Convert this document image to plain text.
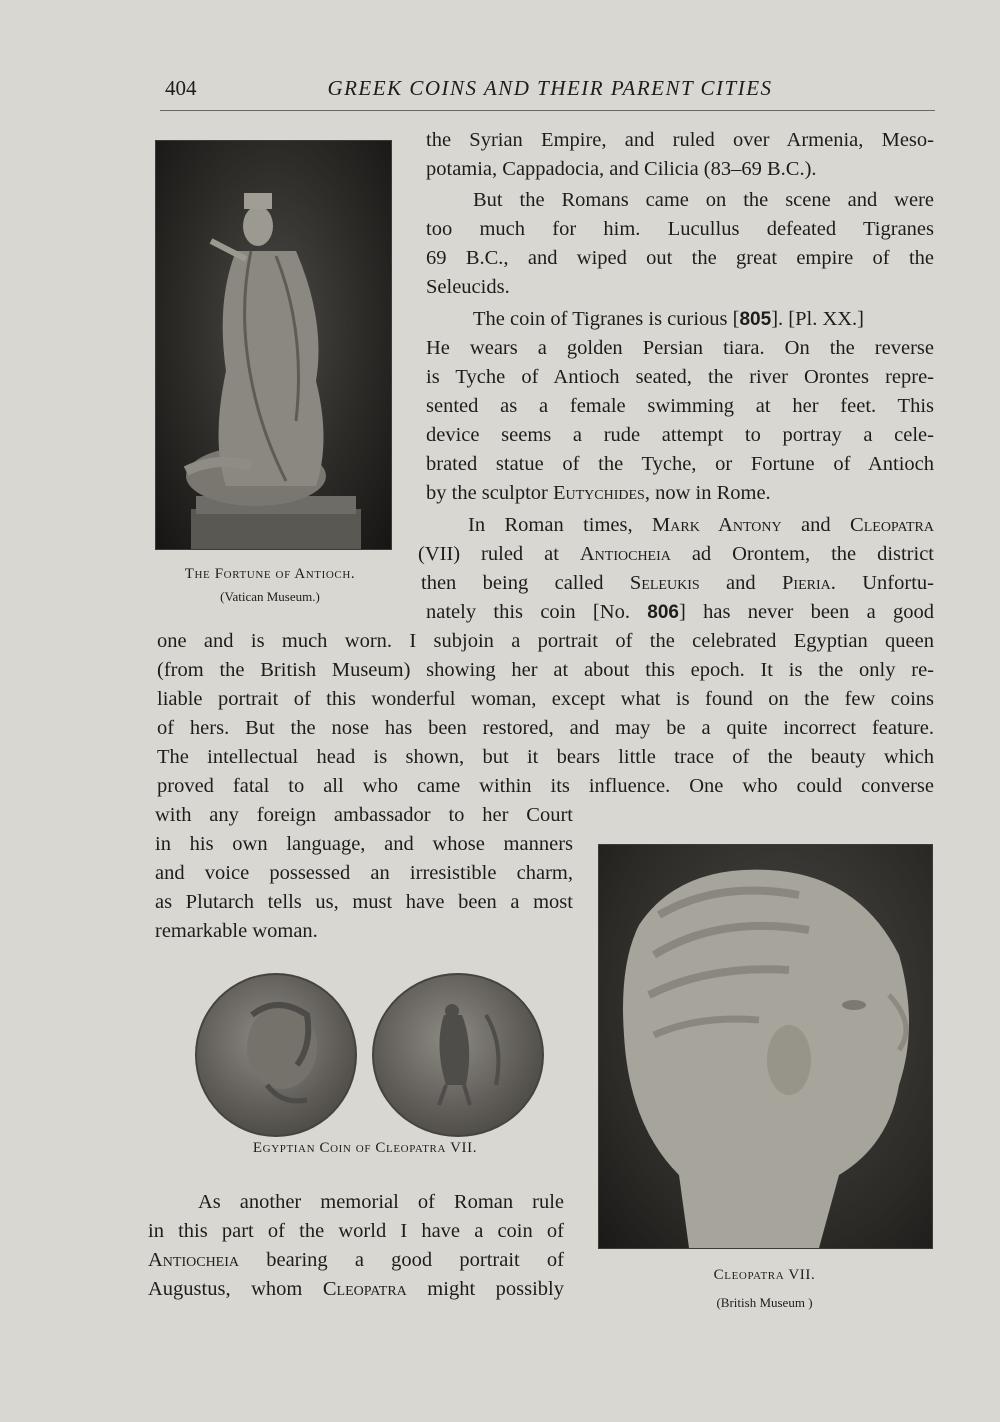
404	GREEK COINS AND THEIR PARENT CITIES
The Fortune of Antioch.
(Vatican Museum.)
the Syrian Empire, and ruled over Armenia, Meso-
potamia, Cappadocia, and Cilicia (83–69 B.C.).
But the Romans came on the scene and were
too much for him. Lucullus defeated Tigranes
69 B.C., and wiped out the great empire of the
Seleucids.
The coin of Tigranes is curious [805]. [Pl. XX.]
He wears a golden Persian tiara. On the reverse
is Tyche of Antioch seated, the river Orontes repre-
sented as a female swimming at her feet. This
device seems a rude attempt to portray a cele-
brated statue of the Tyche, or Fortune of Antioch
by the sculptor Eutychides, now in Rome.
In Roman times, Mark Antony and Cleopatra
(VII) ruled at Antiocheia ad Orontem, the district
then being called Seleukis and Pieria. Unfortu-
nately this coin [No. 806] has never been a good
one and is much worn. I subjoin a portrait of the celebrated Egyptian queen
(from the British Museum) showing her at about this epoch. It is the only re-
liable portrait of this wonderful woman, except what is found on the few coins
of hers. But the nose has been restored, and may be a quite incorrect feature.
The intellectual head is shown, but it bears little trace of the beauty which
proved fatal to all who came within its influence. One who could converse
with any foreign ambassador to her Court
in his own language, and whose manners
and voice possessed an irresistible charm,
as Plutarch tells us, must have been a most
remarkable woman.
Egyptian Coin of Cleopatra VII.
Cleopatra VII.
(British Museum )
As another memorial of Roman rule
in this part of the world I have a coin of
Antiocheia bearing a good portrait of
Augustus, whom Cleopatra might possibly
